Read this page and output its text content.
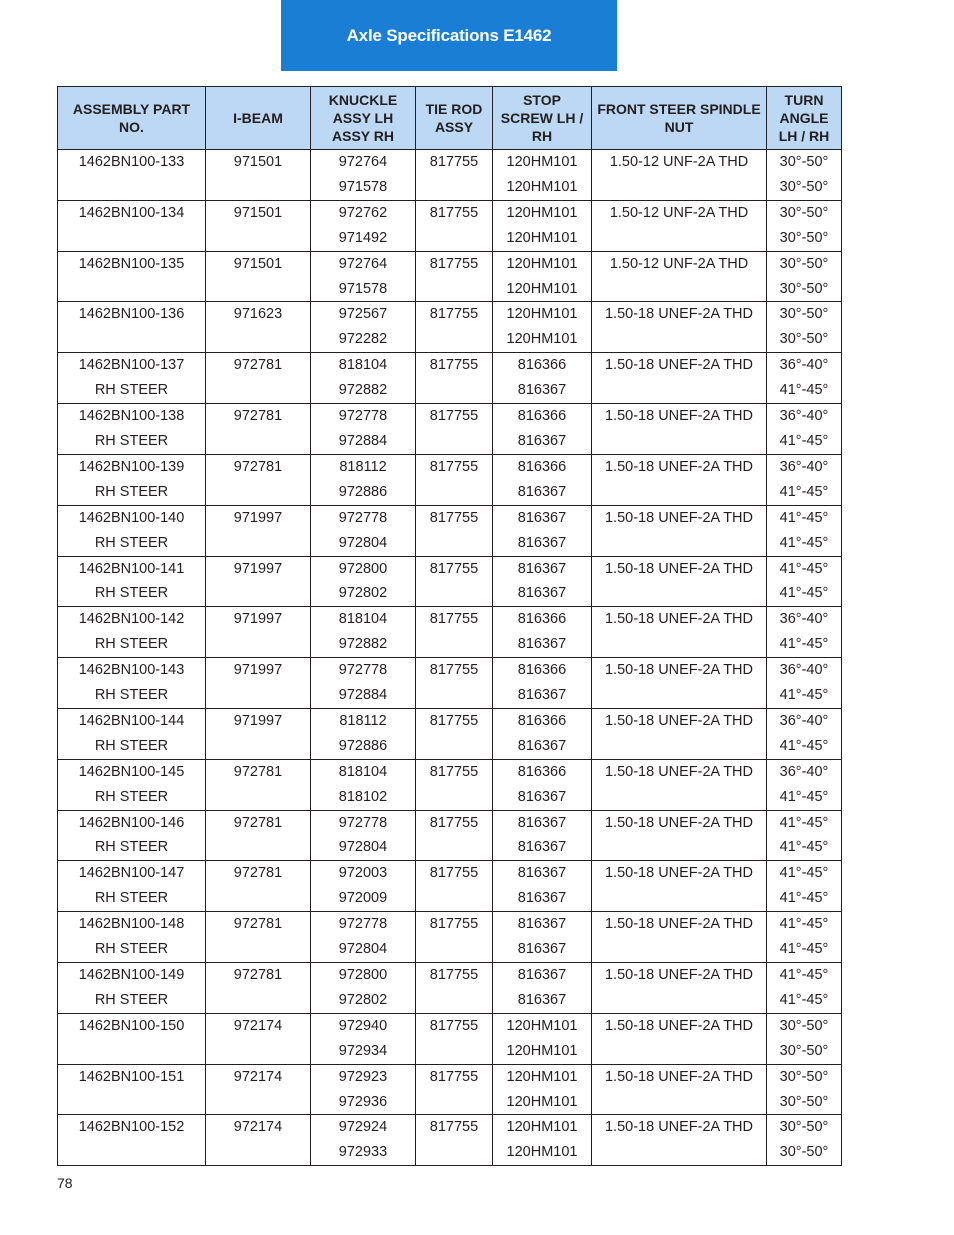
Axle Specifications E1462
ASSEMBLY PART NO.	I-BEAM	KNUCKLE ASSY LH ASSY RH	TIE ROD ASSY	STOP SCREW LH / RH	FRONT STEER SPINDLE NUT	TURN ANGLE LH / RH
1462BN100-133	971501	972764	817755	120HM101	1.50-12 UNF-2A THD	30°-50°
		971578		120HM101		30°-50°
1462BN100-134	971501	972762	817755	120HM101	1.50-12 UNF-2A THD	30°-50°
		971492		120HM101		30°-50°
1462BN100-135	971501	972764	817755	120HM101	1.50-12 UNF-2A THD	30°-50°
		971578		120HM101		30°-50°
1462BN100-136	971623	972567	817755	120HM101	1.50-18 UNEF-2A THD	30°-50°
		972282		120HM101		30°-50°
1462BN100-137	972781	818104	817755	816366	1.50-18 UNEF-2A THD	36°-40°
RH STEER		972882		816367		41°-45°
1462BN100-138	972781	972778	817755	816366	1.50-18 UNEF-2A THD	36°-40°
RH STEER		972884		816367		41°-45°
1462BN100-139	972781	818112	817755	816366	1.50-18 UNEF-2A THD	36°-40°
RH STEER		972886		816367		41°-45°
1462BN100-140	971997	972778	817755	816367	1.50-18 UNEF-2A THD	41°-45°
RH STEER		972804		816367		41°-45°
1462BN100-141	971997	972800	817755	816367	1.50-18 UNEF-2A THD	41°-45°
RH STEER		972802		816367		41°-45°
1462BN100-142	971997	818104	817755	816366	1.50-18 UNEF-2A THD	36°-40°
RH STEER		972882		816367		41°-45°
1462BN100-143	971997	972778	817755	816366	1.50-18 UNEF-2A THD	36°-40°
RH STEER		972884		816367		41°-45°
1462BN100-144	971997	818112	817755	816366	1.50-18 UNEF-2A THD	36°-40°
RH STEER		972886		816367		41°-45°
1462BN100-145	972781	818104	817755	816366	1.50-18 UNEF-2A THD	36°-40°
RH STEER		818102		816367		41°-45°
1462BN100-146	972781	972778	817755	816367	1.50-18 UNEF-2A THD	41°-45°
RH STEER		972804		816367		41°-45°
1462BN100-147	972781	972003	817755	816367	1.50-18 UNEF-2A THD	41°-45°
RH STEER		972009		816367		41°-45°
1462BN100-148	972781	972778	817755	816367	1.50-18 UNEF-2A THD	41°-45°
RH STEER		972804		816367		41°-45°
1462BN100-149	972781	972800	817755	816367	1.50-18 UNEF-2A THD	41°-45°
RH STEER		972802		816367		41°-45°
1462BN100-150	972174	972940	817755	120HM101	1.50-18 UNEF-2A THD	30°-50°
		972934		120HM101		30°-50°
1462BN100-151	972174	972923	817755	120HM101	1.50-18 UNEF-2A THD	30°-50°
		972936		120HM101		30°-50°
1462BN100-152	972174	972924	817755	120HM101	1.50-18 UNEF-2A THD	30°-50°
		972933		120HM101		30°-50°
78
